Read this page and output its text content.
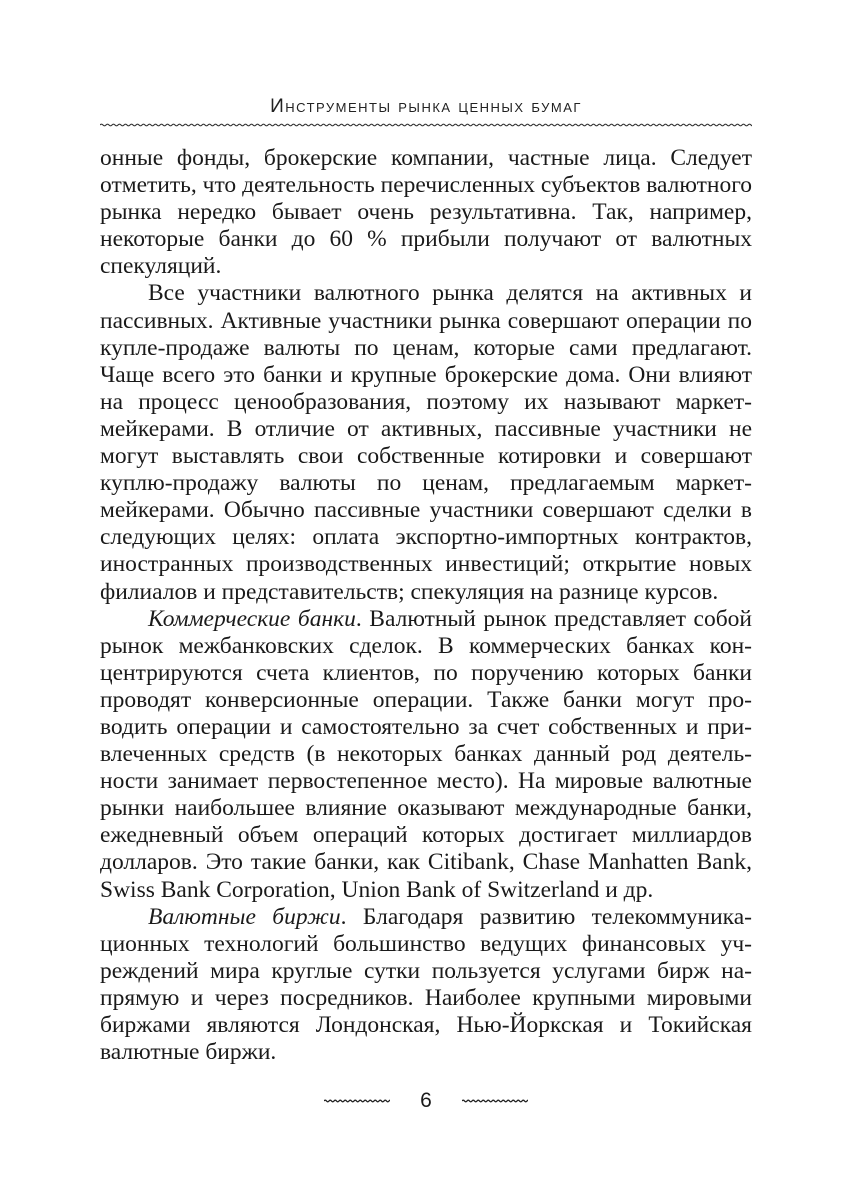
Инструменты рынка ценных бумаг

онные фонды, брокерские компании, частные лица. Следует отметить, что деятельность перечисленных субъектов валютного рынка нередко бывает очень результативна. Так, например, некоторые банки до 60 % прибыли получают от валютных спекуляций.

Все участники валютного рынка делятся на активных и пассивных. Активные участники рынка совершают операции по купле-продаже валюты по ценам, которые сами предлагают. Чаще всего это банки и крупные брокерские дома. Они влияют на процесс ценообразования, поэтому их называют маркет-мейкерами. В отличие от активных, пассивные участники не могут выставлять свои собственные котировки и совершают куплю-продажу валюты по ценам, предлагаемым маркет-мейкерами. Обычно пассивные участники совершают сделки в следующих целях: оплата экспортно-импортных контрактов, иностранных производственных инвестиций; открытие новых филиалов и представительств; спекуляция на разнице курсов.

Коммерческие банки. Валютный рынок представляет собой рынок межбанковских сделок. В коммерческих банках концентрируются счета клиентов, по поручению которых банки проводят конверсионные операции. Также банки могут проводить операции и самостоятельно за счет собственных и привлеченных средств (в некоторых банках данный род деятельности занимает первостепенное место). На мировые валютные рынки наибольшее влияние оказывают международные банки, ежедневный объем операций которых достигает миллиардов долларов. Это такие банки, как Citibank, Chase Manhatten Bank, Swiss Bank Corporation, Union Bank of Switzerland и др.

Валютные биржи. Благодаря развитию телекоммуникационных технологий большинство ведущих финансовых учреждений мира круглые сутки пользуется услугами бирж напрямую и через посредников. Наиболее крупными мировыми биржами являются Лондонская, Нью-Йоркская и Токийская валютные биржи.

6
